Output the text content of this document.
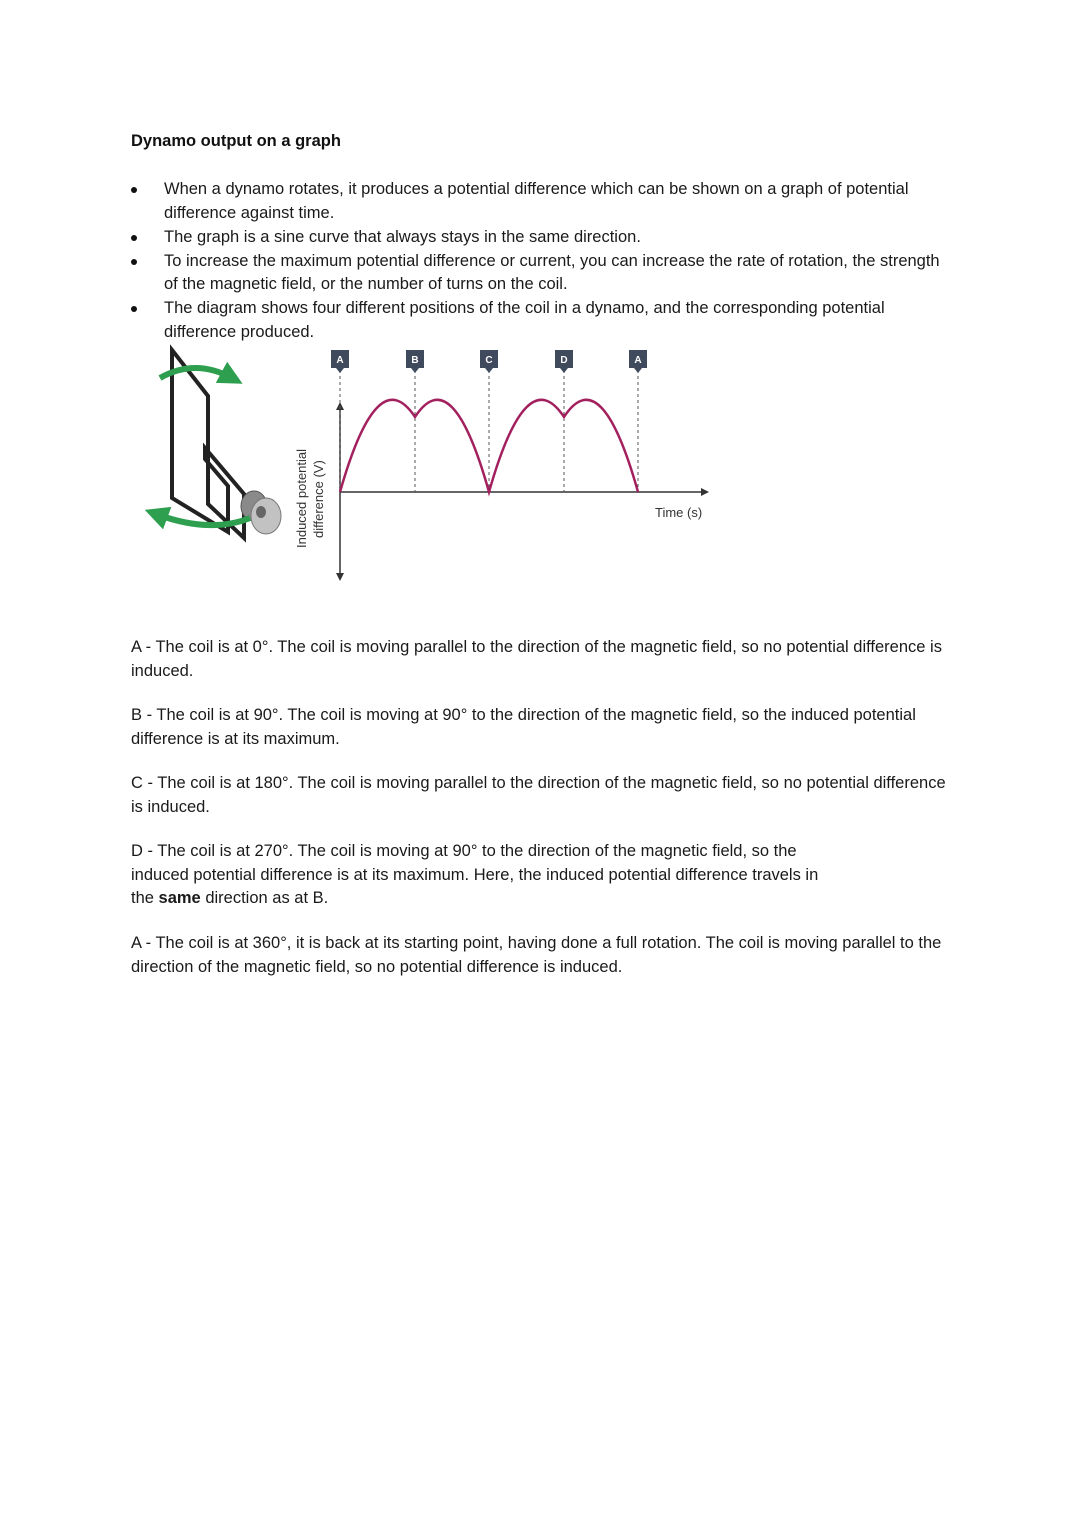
Dynamo output on a graph
When a dynamo rotates, it produces a potential difference which can be shown on a graph of potential difference against time.
The graph is a sine curve that always stays in the same direction.
To increase the maximum potential difference or current, you can increase the rate of rotation, the strength of the magnetic field, or the number of turns on the coil.
The diagram shows four different positions of the coil in a dynamo, and the corresponding potential difference produced.
Induced potential difference (V)	Time (s)
A	B	C	D	A

A - The coil is at 0°. The coil is moving parallel to the direction of the magnetic field, so no potential difference is induced.

B - The coil is at 90°. The coil is moving at 90° to the direction of the magnetic field, so the induced potential difference is at its maximum.

C - The coil is at 180°. The coil is moving parallel to the direction of the magnetic field, so no potential difference is induced.

D - The coil is at 270°. The coil is moving at 90° to the direction of the magnetic field, so the induced potential difference is at its maximum. Here, the induced potential difference travels in
the same direction as at B.

A - The coil is at 360°, it is back at its starting point, having done a full rotation. The coil is moving parallel to the direction of the magnetic field, so no potential difference is induced.
